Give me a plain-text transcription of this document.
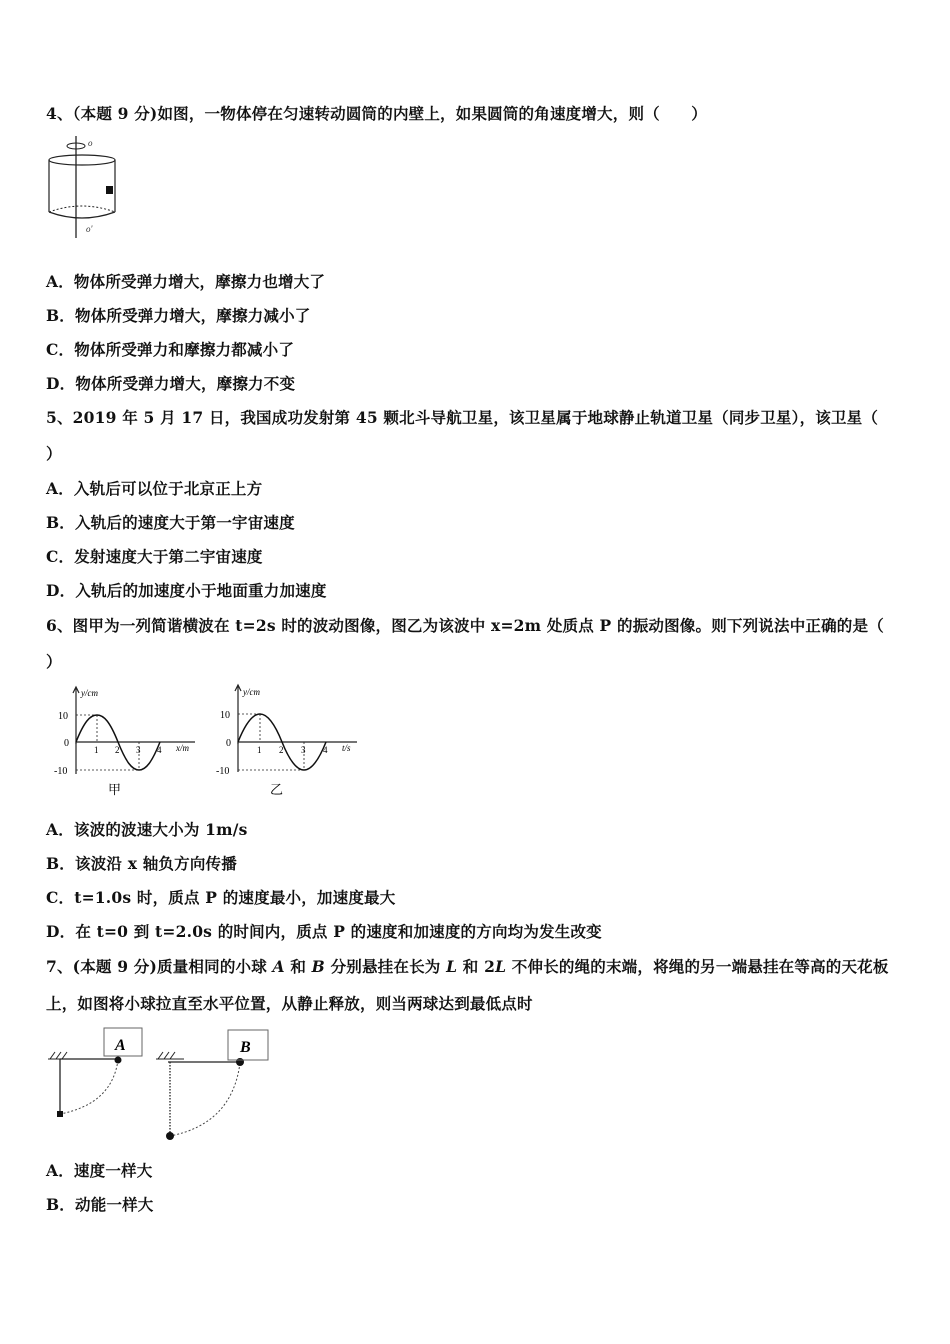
4、（本题 9 分)如图，一物体停在匀速转动圆筒的内壁上，如果圆筒的角速度增大，则（　　）
o
o'
A．物体所受弹力增大，摩擦力也增大了
B．物体所受弹力增大，摩擦力减小了
C．物体所受弹力和摩擦力都减小了
D．物体所受弹力增大，摩擦力不变
5、2019 年 5 月 17 日，我国成功发射第 45 颗北斗导航卫星，该卫星属于地球静止轨道卫星（同步卫星），该卫星（
）
A．入轨后可以位于北京正上方
B．入轨后的速度大于第一宇宙速度
C．发射速度大于第二宇宙速度
D．入轨后的加速度小于地面重力加速度
6、图甲为一列简谐横波在 t=2s 时的波动图像，图乙为该波中 x=2m 处质点 P 的振动图像。则下列说法中正确的是（
）
y/cm
x/m
10
0
-10
1 2 3 4
甲
y/cm
t/s
10
0
-10
1 2 3 4
乙
A．该波的波速大小为 1m/s
B．该波沿 x 轴负方向传播
C．t=1.0s 时，质点 P 的速度最小，加速度最大
D．在 t=0 到 t=2.0s 的时间内，质点 P 的速度和加速度的方向均为发生改变
7、(本题 9 分)质量相同的小球 A 和 B 分别悬挂在长为 L 和 2L 不伸长的绳的末端，将绳的另一端悬挂在等高的天花板
上，如图将小球拉直至水平位置，从静止释放，则当两球达到最低点时
A	B
A．速度一样大
B．动能一样大
